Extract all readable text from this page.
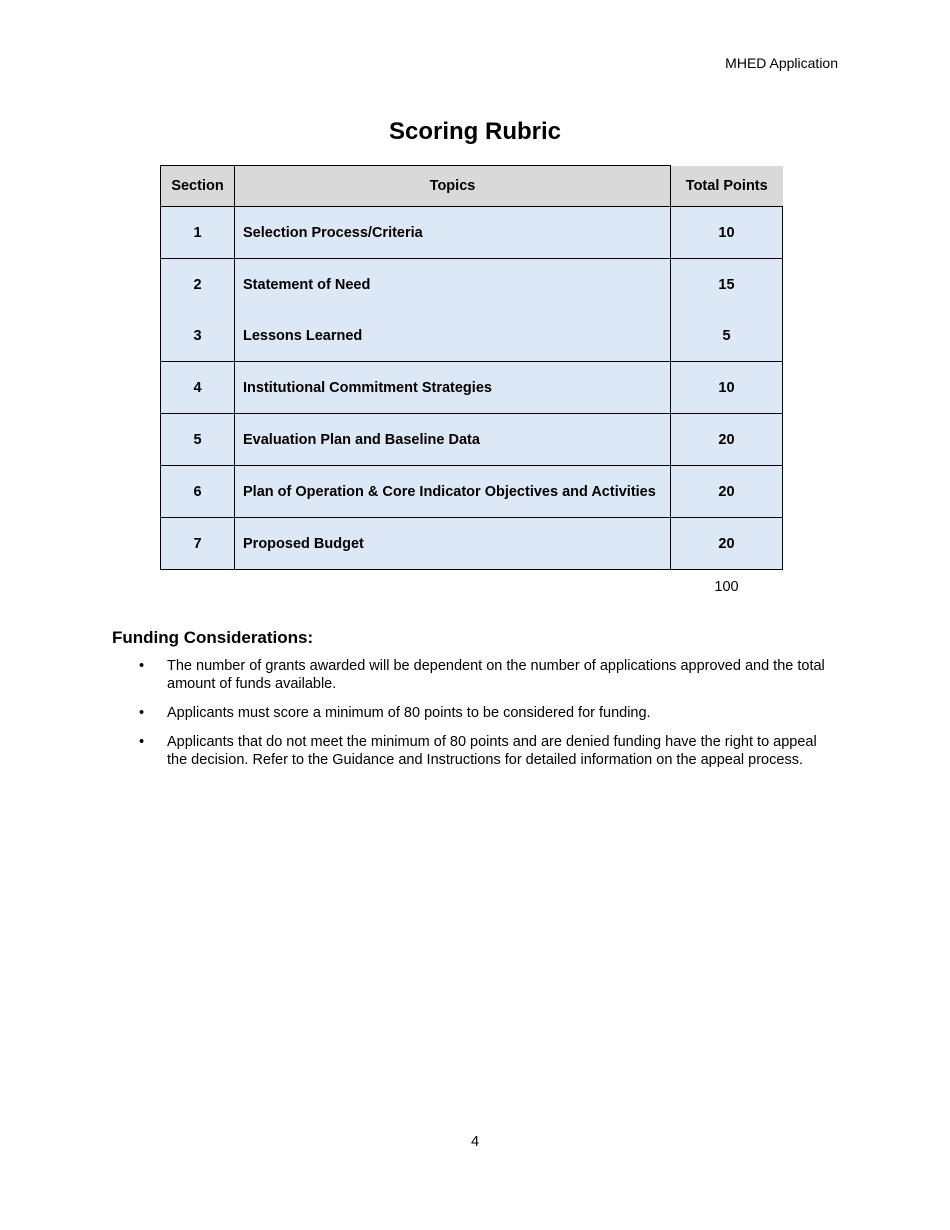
MHED Application
Scoring Rubric
Section	Topics	Total Points
1	Selection Process/Criteria	10
2	Statement of Need	15
3	Lessons Learned	5
4	Institutional Commitment Strategies	10
5	Evaluation Plan and Baseline Data	20
6	Plan of Operation & Core Indicator Objectives and Activities	20
7	Proposed Budget	20
100
Funding Considerations:
• The number of grants awarded will be dependent on the number of applications approved and the total amount of funds available.
• Applicants must score a minimum of 80 points to be considered for funding.
• Applicants that do not meet the minimum of 80 points and are denied funding have the right to appeal the decision. Refer to the Guidance and Instructions for detailed information on the appeal process.
4
